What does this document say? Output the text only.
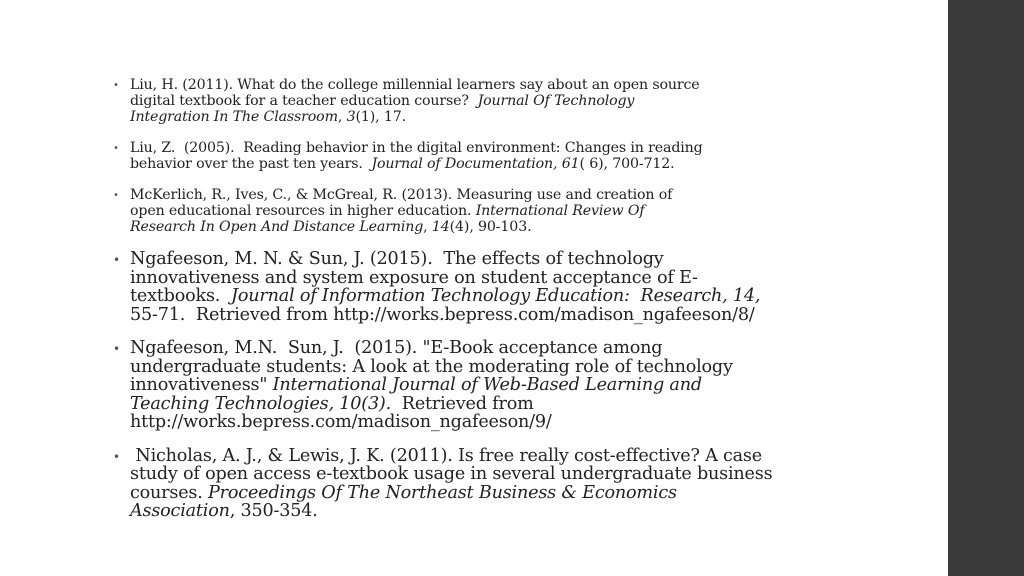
• Liu, H. (2011). What do the college millennial learners say about an open source
digital textbook for a teacher education course?  Journal Of Technology
Integration In The Classroom, 3(1), 17.
• Liu, Z.  (2005).  Reading behavior in the digital environment: Changes in reading
behavior over the past ten years.  Journal of Documentation, 61( 6), 700-712.
• McKerlich, R., Ives, C., & McGreal, R. (2013). Measuring use and creation of
open educational resources in higher education. International Review Of
Research In Open And Distance Learning, 14(4), 90-103.
• Ngafeeson, M. N. & Sun, J. (2015).  The effects of technology
innovativeness and system exposure on student acceptance of E-
textbooks.  Journal of Information Technology Education:  Research, 14,
55-71.  Retrieved from http://works.bepress.com/madison_ngafeeson/8/
• Ngafeeson, M.N.  Sun, J.  (2015). "E-Book acceptance among
undergraduate students: A look at the moderating role of technology
innovativeness" International Journal of Web-Based Learning and
Teaching Technologies, 10(3).  Retrieved from
http://works.bepress.com/madison_ngafeeson/9/
• Nicholas, A. J., & Lewis, J. K. (2011). Is free really cost-effective? A case
study of open access e-textbook usage in several undergraduate business
courses. Proceedings Of The Northeast Business & Economics
Association, 350-354.
